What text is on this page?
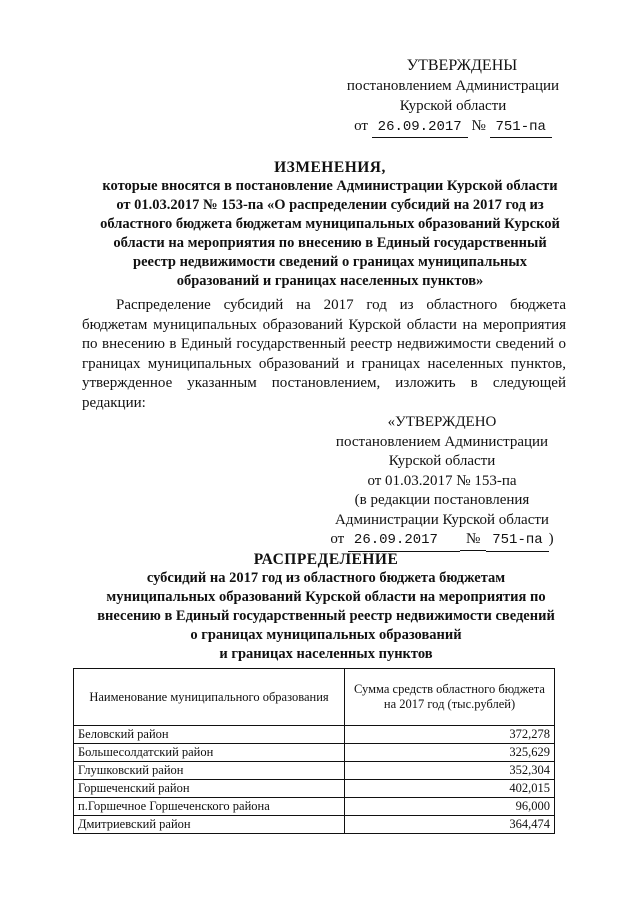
УТВЕРЖДЕНЫ
постановлением Администрации
Курской области
от 26.09.2017 № 751-па
ИЗМЕНЕНИЯ,
которые вносятся в постановление Администрации Курской области
от 01.03.2017 № 153-па «О распределении субсидий на 2017 год из
областного бюджета бюджетам муниципальных образований Курской
области на мероприятия по внесению в Единый государственный
реестр недвижимости сведений о границах муниципальных
образований и границах населенных пунктов»
Распределение субсидий на 2017 год из областного бюджета бюджетам муниципальных образований Курской области на мероприятия по внесению в Единый государственный реестр недвижимости сведений о границах муниципальных образований и границах населенных пунктов, утвержденное указанным постановлением, изложить в следующей редакции:
«УТВЕРЖДЕНО
постановлением Администрации
Курской области
от 01.03.2017 № 153-па
(в редакции постановления
Администрации Курской области
от 26.09.2017 № 751-па )
РАСПРЕДЕЛЕНИЕ
субсидий на 2017 год из областного бюджета бюджетам
муниципальных образований Курской области на мероприятия по
внесению в Единый государственный реестр недвижимости сведений
о границах муниципальных образований
и границах населенных пунктов
Наименование муниципального образования	Сумма средств областного бюджета на 2017 год (тыс.рублей)
Беловский район	372,278
Большесолдатский район	325,629
Глушковский район	352,304
Горшеченский район	402,015
п.Горшечное Горшеченского района	96,000
Дмитриевский район	364,474
